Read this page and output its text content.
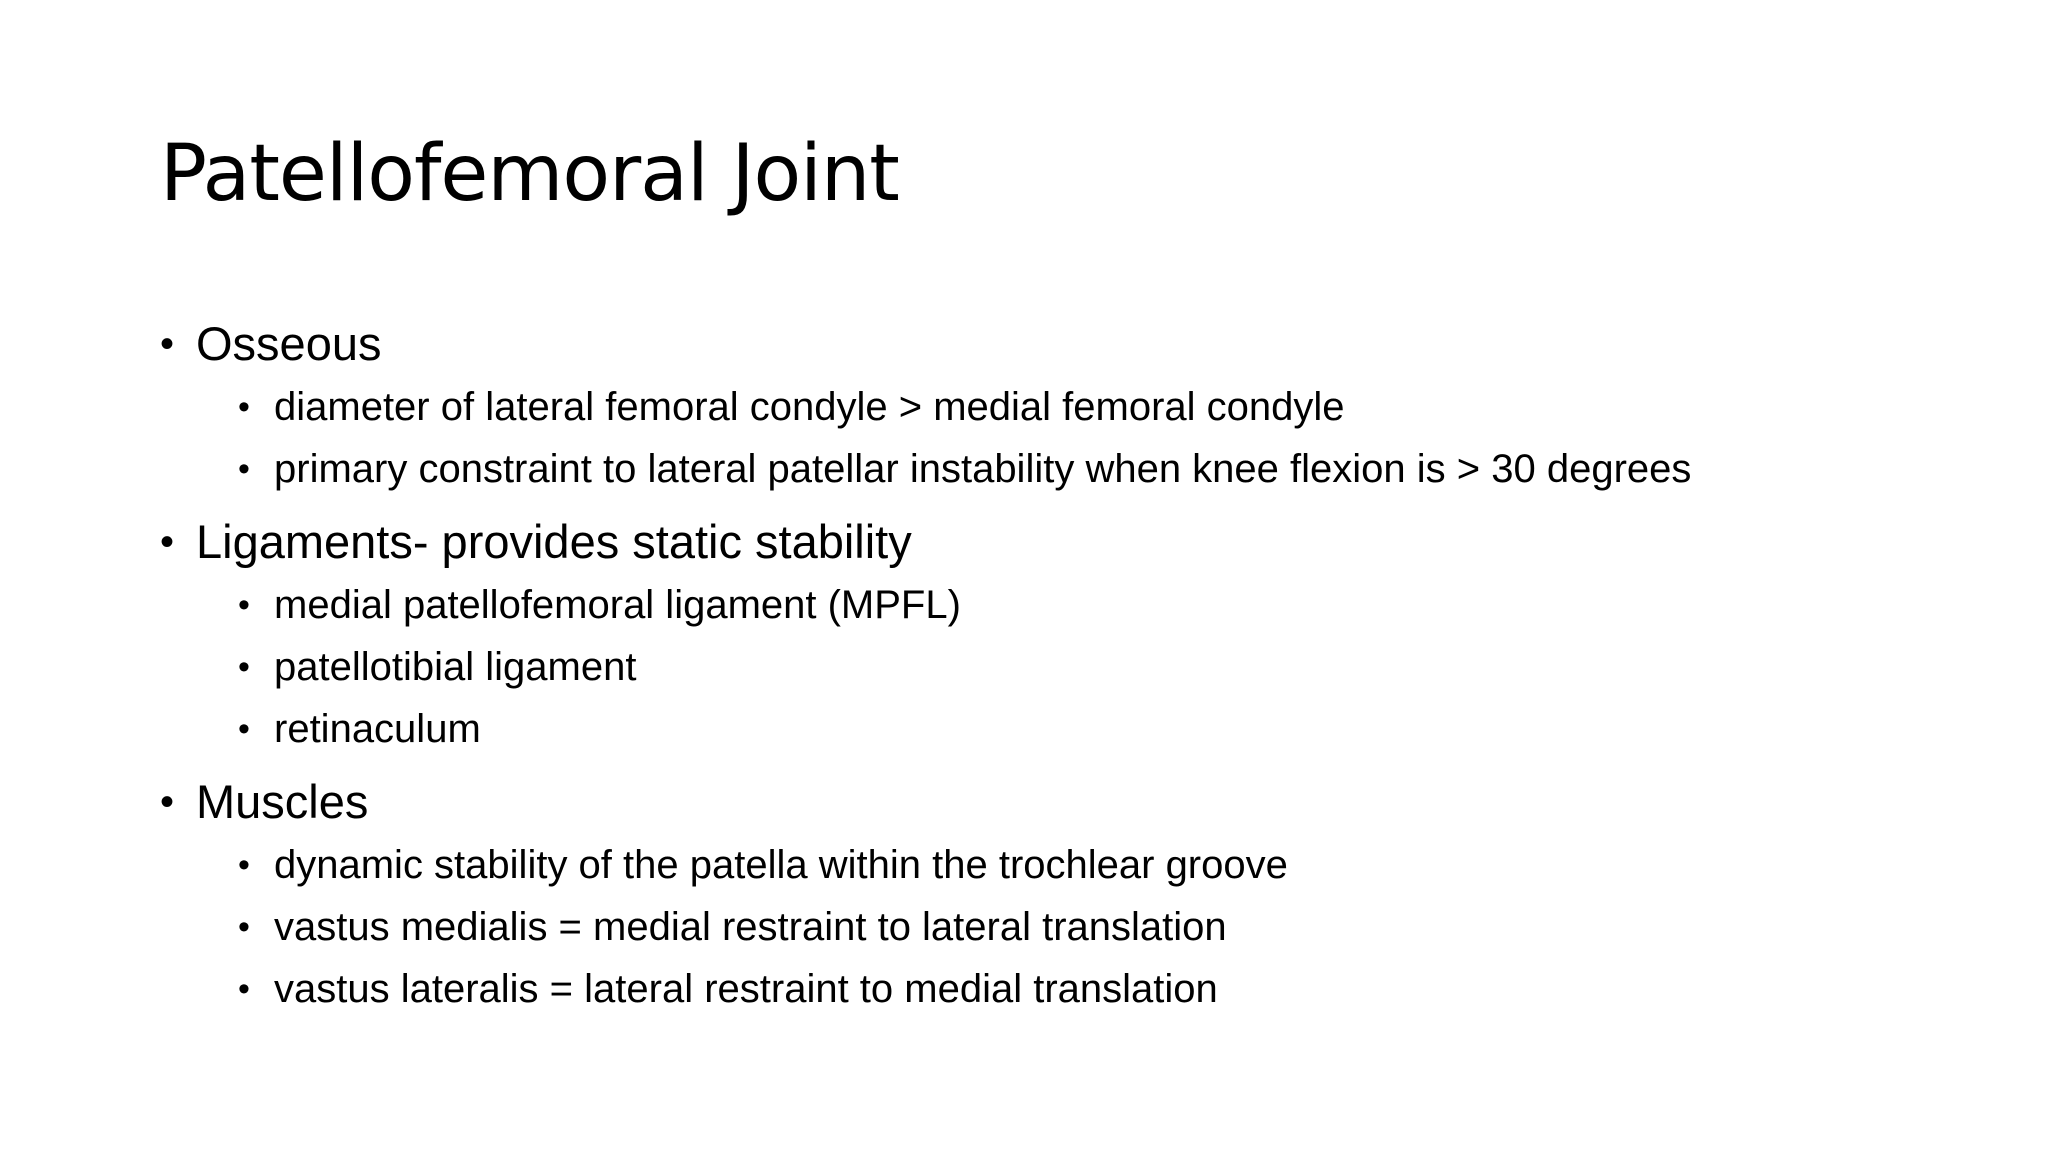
Patellofemoral Joint
• Osseous
• diameter of lateral femoral condyle > medial femoral condyle
• primary constraint to lateral patellar instability when knee flexion is > 30 degrees
• Ligaments- provides static stability
• medial patellofemoral ligament (MPFL)
• patellotibial ligament
• retinaculum
• Muscles
• dynamic stability of the patella within the trochlear groove
• vastus medialis = medial restraint to lateral translation
• vastus lateralis = lateral restraint to medial translation
